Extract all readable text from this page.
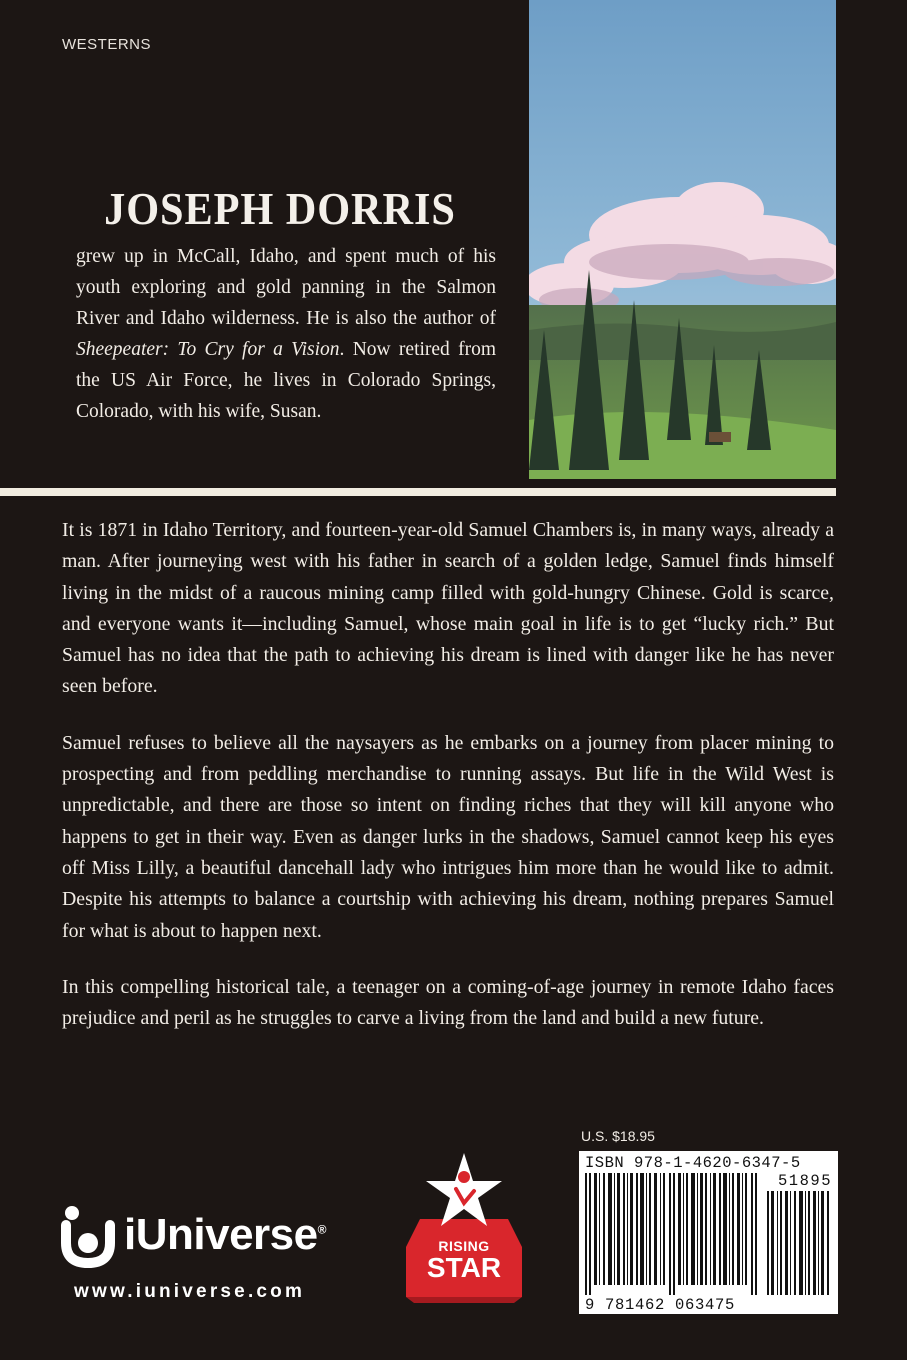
WESTERNS
JOSEPH DORRIS
grew up in McCall, Idaho, and spent much of his youth exploring and gold panning in the Salmon River and Idaho wilderness. He is also the author of Sheepeater: To Cry for a Vision. Now retired from the US Air Force, he lives in Colorado Springs, Colorado, with his wife, Susan.

It is 1871 in Idaho Territory, and fourteen-year-old Samuel Chambers is, in many ways, already a man. After journeying west with his father in search of a golden ledge, Samuel finds himself living in the midst of a raucous mining camp filled with gold-hungry Chinese. Gold is scarce, and everyone wants it—including Samuel, whose main goal in life is to get “lucky rich.” But Samuel has no idea that the path to achieving his dream is lined with danger like he has never seen before.

Samuel refuses to believe all the naysayers as he embarks on a journey from placer mining to prospecting and from peddling merchandise to running assays. But life in the Wild West is unpredictable, and there are those so intent on finding riches that they will kill anyone who happens to get in their way. Even as danger lurks in the shadows, Samuel cannot keep his eyes off Miss Lilly, a beautiful dancehall lady who intrigues him more than he would like to admit. Despite his attempts to balance a courtship with achieving his dream, nothing prepares Samuel for what is about to happen next.

In this compelling historical tale, a teenager on a coming-of-age journey in remote Idaho faces prejudice and peril as he struggles to carve a living from the land and build a new future.

U.S. $18.95
ISBN 978-1-4620-6347-5
51895
9 781462 063475
iUniverse®
www.iuniverse.com
RISING
STAR
